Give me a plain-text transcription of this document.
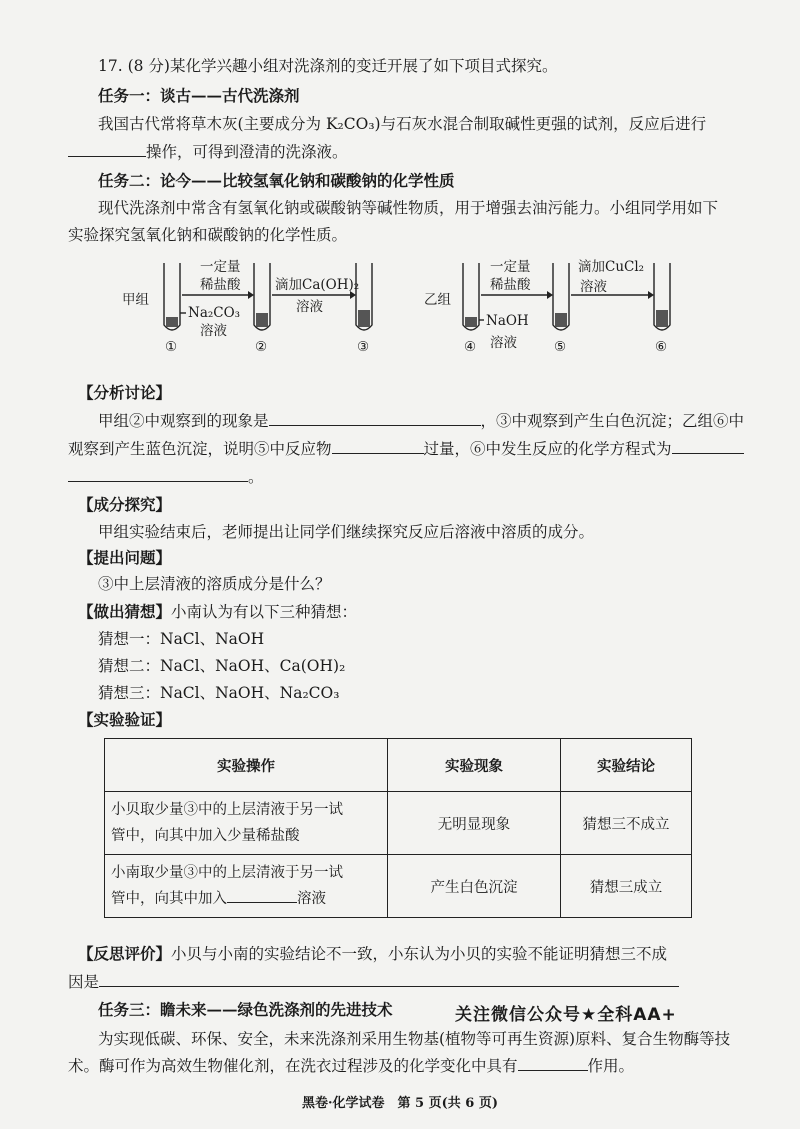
17. (8 分)某化学兴趣小组对洗涤剂的变迁开展了如下项目式探究。
任务一：谈古——古代洗涤剂
我国古代常将草木灰(主要成分为 K₂CO₃)与石灰水混合制取碱性更强的试剂，反应后进行
操作，可得到澄清的洗涤液。
任务二：论今——比较氢氧化钠和碳酸钠的化学性质
现代洗涤剂中常含有氢氧化钠或碳酸钠等碱性物质，用于增强去油污能力。小组同学用如下
实验探究氢氧化钠和碳酸钠的化学性质。
甲组
一定量
稀盐酸
Na₂CO₃
溶液
滴加Ca(OH)₂
溶液	乙组
一定量
稀盐酸
NaOH
溶液
滴加CuCl₂
溶液
①	②	③	④	⑤	⑥
【分析讨论】
甲组②中观察到的现象是	，③中观察到产生白色沉淀；乙组⑥中
观察到产生蓝色沉淀，说明⑤中反应物	过量，⑥中发生反应的化学方程式为
。
【成分探究】
甲组实验结束后，老师提出让同学们继续探究反应后溶液中溶质的成分。
【提出问题】
③中上层清液的溶质成分是什么？
【做出猜想】小南认为有以下三种猜想：
猜想一：NaCl、NaOH
猜想二：NaCl、NaOH、Ca(OH)₂
猜想三：NaCl、NaOH、Na₂CO₃
【实验验证】
实验操作	实验现象	实验结论

小贝取少量③中的上层清液于另一试
管中，向其中加入少量稀盐酸	无明显现象	猜想三不成立

小南取少量③中的上层清液于另一试
管中，向其中加入 溶液	产生白色沉淀	猜想三成立
【反思评价】小贝与小南的实验结论不一致，小东认为小贝的实验不能证明猜想三不成
因是
任务三：瞻未来——绿色洗涤剂的先进技术	关注微信公众号★全科AA+
为实现低碳、环保、安全，未来洗涤剂采用生物基(植物等可再生资源)原料、复合生物酶等技
术。酶可作为高效生物催化剂，在洗衣过程涉及的化学变化中具有	作用。
黑卷·化学试卷　第 5 页(共 6 页)
